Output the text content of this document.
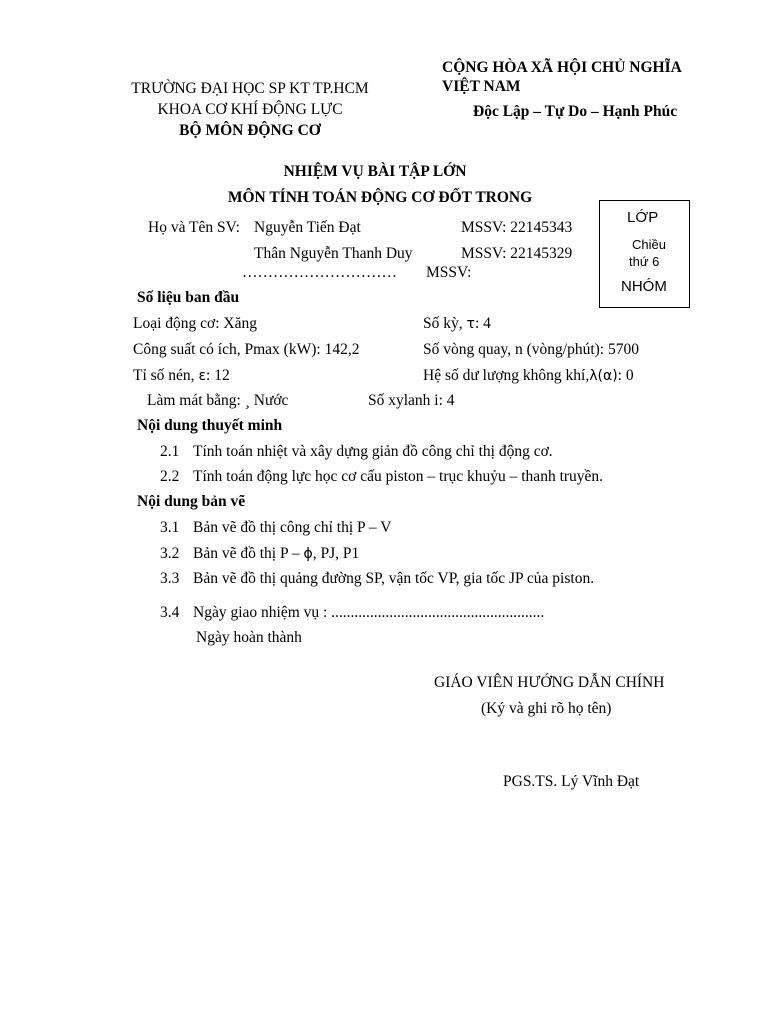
TRƯỜNG ĐẠI HỌC SP KT TP.HCM
KHOA CƠ KHÍ ĐỘNG LỰC
BỘ MÔN ĐỘNG CƠ
CỘNG HÒA XÃ HỘI CHỦ NGHĨA
VIỆT NAM
Độc Lập – Tự Do – Hạnh Phúc
NHIỆM VỤ BÀI TẬP LỚN
MÔN TÍNH TOÁN ĐỘNG CƠ ĐỐT TRONG
LỚP
Chiều
thứ 6
NHÓM
Họ và Tên SV: Nguyễn Tiến Đạt	MSSV: 22145343
Thân Nguyễn Thanh Duy	MSSV: 22145329
………………………… MSSV:
Số liệu ban đầu
Loại động cơ: Xăng	Số kỳ, τ: 4
Công suất có ích, Pmax (kW): 142,2	Số vòng quay, n (vòng/phút): 5700
Tỉ số nén, ε: 12	Hệ số dư lượng không khí,λ(α): 0
Làm mát bằng: ¸ Nước	Số xylanh i: 4
Nội dung thuyết minh
2.1 Tính toán nhiệt và xây dựng giản đồ công chỉ thị động cơ.
2.2 Tính toán động lực học cơ cấu piston – trục khuỷu – thanh truyền.
Nội dung bản vẽ
3.1 Bản vẽ đồ thị công chỉ thị P – V
3.2 Bản vẽ đồ thị P – ϕ, PJ, P1
3.3 Bản vẽ đồ thị quảng đường SP, vận tốc VP, gia tốc JP của piston.
3.4 Ngày giao nhiệm vụ : .......................................................
Ngày hoàn thành
GIÁO VIÊN HƯỚNG DẪN CHÍNH
(Ký và ghi rõ họ tên)
PGS.TS. Lý Vĩnh Đạt
